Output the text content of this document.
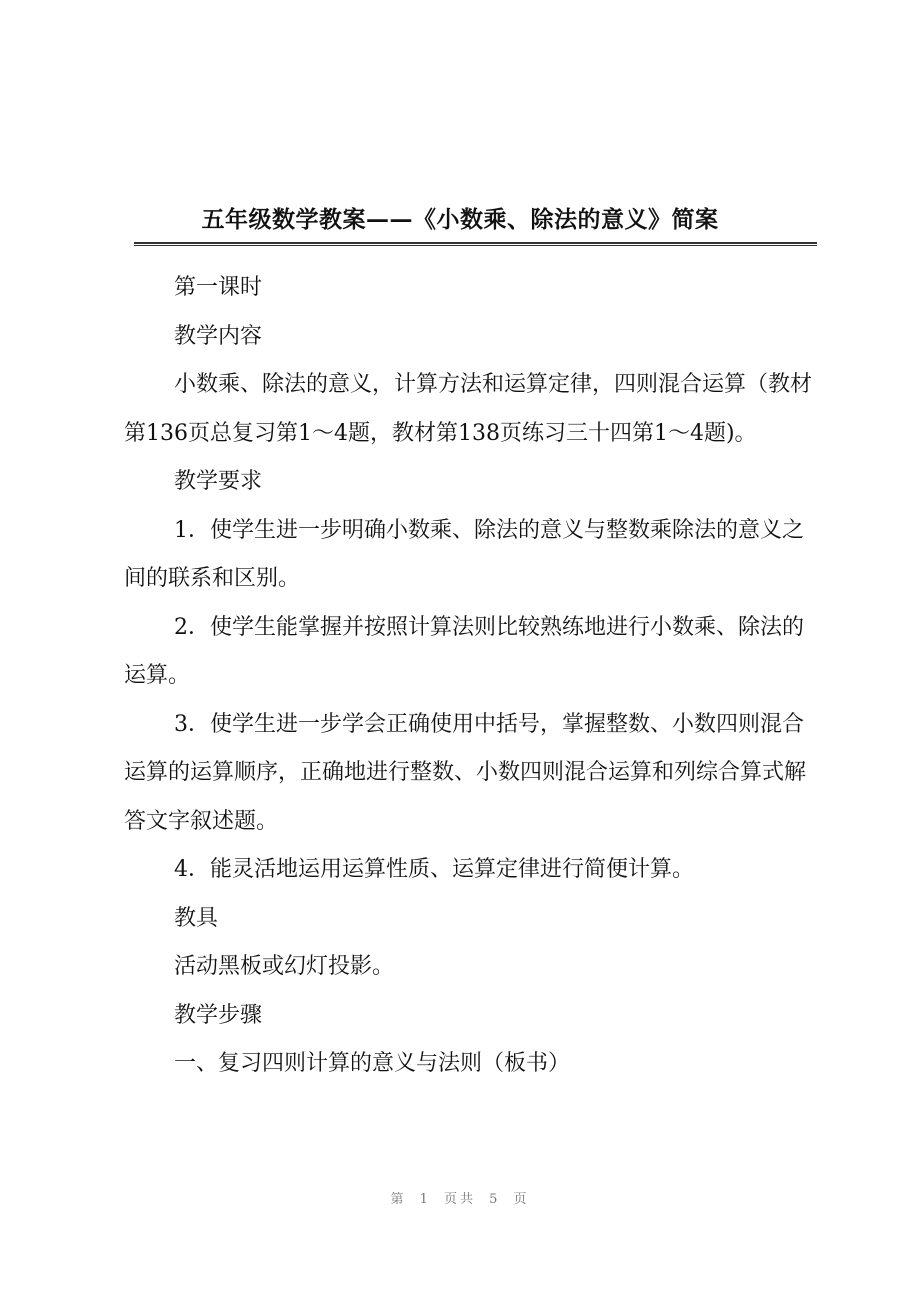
五年级数学教案——《小数乘、除法的意义》简案

第一课时

教学内容

小数乘、除法的意义，计算方法和运算定律，四则混合运算（教材第136页总复习第1～4题，教材第138页练习三十四第1～4题)。

教学要求

1．使学生进一步明确小数乘、除法的意义与整数乘除法的意义之间的联系和区别。

2．使学生能掌握并按照计算法则比较熟练地进行小数乘、除法的运算。

3．使学生进一步学会正确使用中括号，掌握整数、小数四则混合运算的运算顺序，正确地进行整数、小数四则混合运算和列综合算式解答文字叙述题。

4．能灵活地运用运算性质、运算定律进行简便计算。

教具

活动黑板或幻灯投影。

教学步骤

一、复习四则计算的意义与法则（板书）

第 1 页共 5 页
